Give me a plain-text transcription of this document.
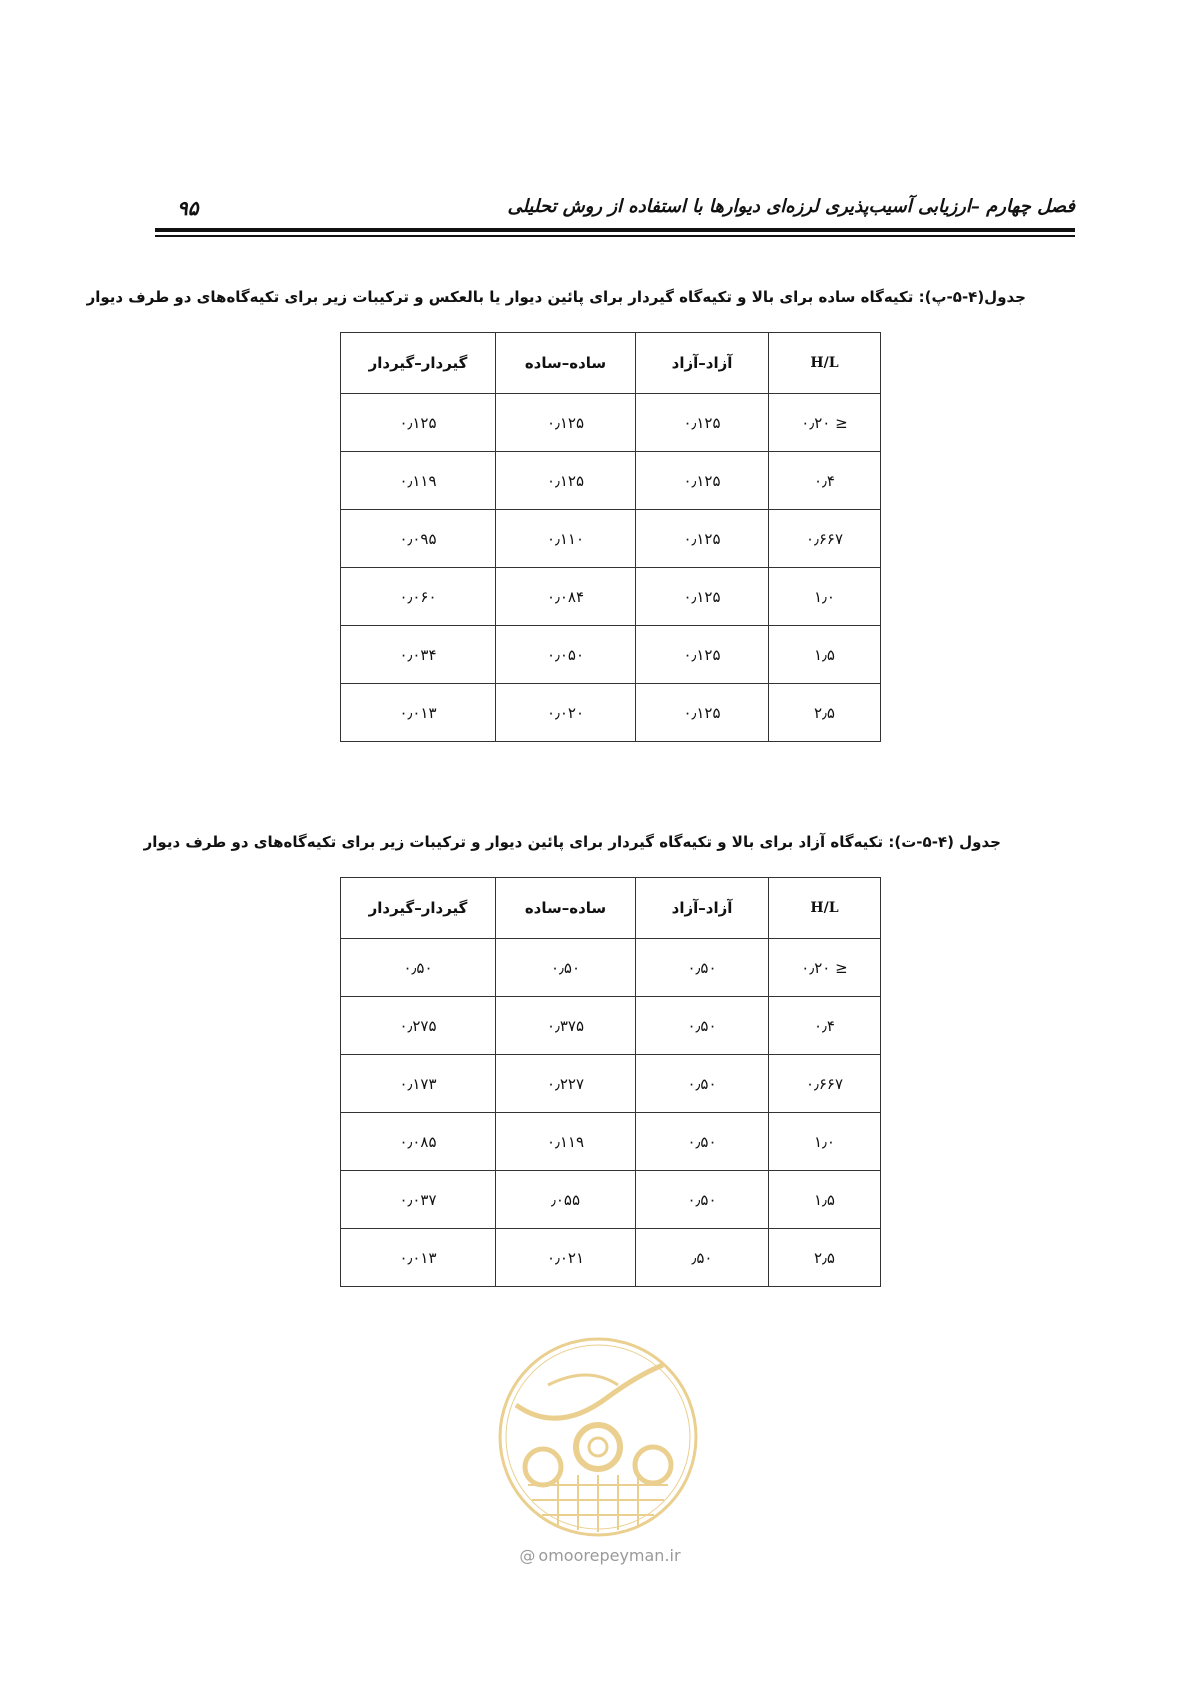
فصل چهارم –ارزیابی آسیب‌پذیری لرزه‌ای دیوارها با استفاده از روش تحلیلی
۹۵
جدول(۴-۵-پ): تکیه‌گاه ساده برای بالا و تکیه‌گاه گیردار برای پائین دیوار یا بالعکس و ترکیبات زیر برای تکیه‌گاه‌های دو طرف دیوار
H/L	آزاد–آزاد	ساده–ساده	گیردار–گیردار
≤ ۰٫۲۰	۰٫۱۲۵	۰٫۱۲۵	۰٫۱۲۵
۰٫۴	۰٫۱۲۵	۰٫۱۲۵	۰٫۱۱۹
۰٫۶۶۷	۰٫۱۲۵	۰٫۱۱۰	۰٫۰۹۵
۱٫۰	۰٫۱۲۵	۰٫۰۸۴	۰٫۰۶۰
۱٫۵	۰٫۱۲۵	۰٫۰۵۰	۰٫۰۳۴
۲٫۵	۰٫۱۲۵	۰٫۰۲۰	۰٫۰۱۳
جدول (۴-۵-ت): تکیه‌گاه آزاد برای بالا و تکیه‌گاه گیردار برای پائین دیوار و ترکیبات زیر برای تکیه‌گاه‌های دو طرف دیوار
H/L	آزاد–آزاد	ساده–ساده	گیردار–گیردار
≤ ۰٫۲۰	۰٫۵۰	۰٫۵۰	۰٫۵۰
۰٫۴	۰٫۵۰	۰٫۳۷۵	۰٫۲۷۵
۰٫۶۶۷	۰٫۵۰	۰٫۲۲۷	۰٫۱۷۳
۱٫۰	۰٫۵۰	۰٫۱۱۹	۰٫۰۸۵
۱٫۵	۰٫۵۰	٫۰۵۵	۰٫۰۳۷
۲٫۵	٫۵۰	۰٫۰۲۱	۰٫۰۱۳
@ omoorepeyman.ir
